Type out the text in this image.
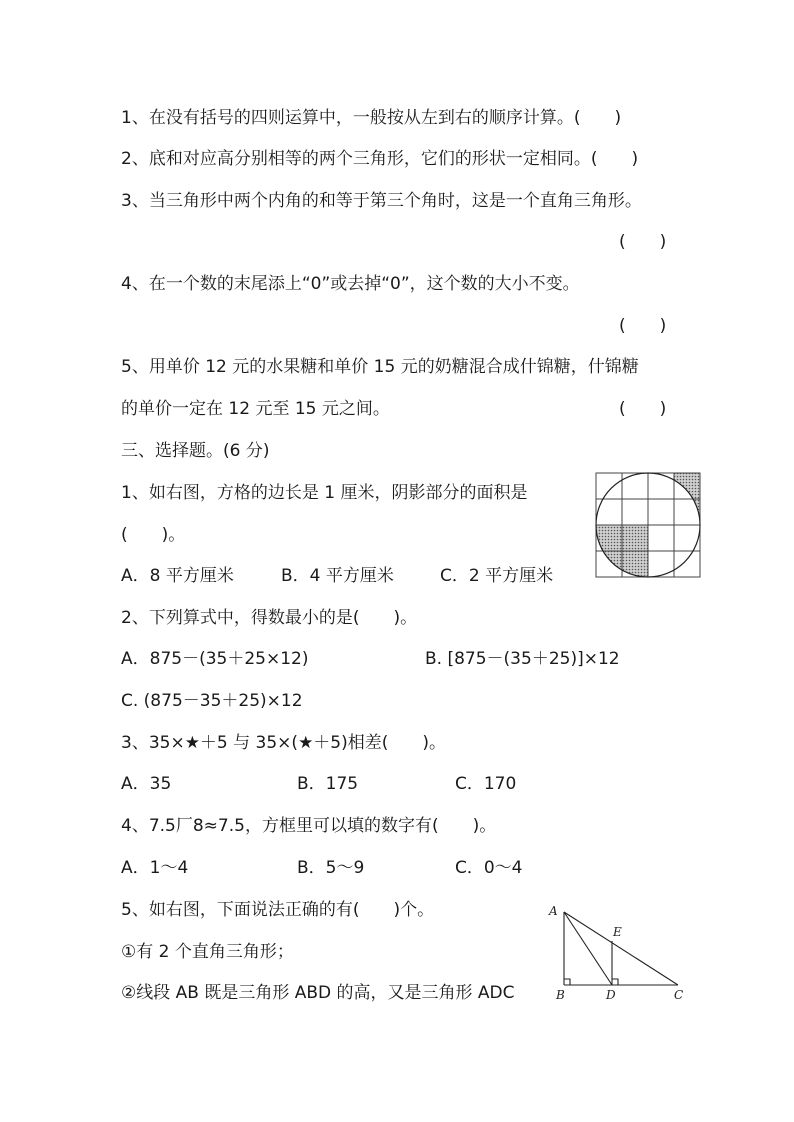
1、在没有括号的四则运算中，一般按从左到右的顺序计算。(　　)
2、底和对应高分别相等的两个三角形，它们的形状一定相同。(　　)
3、当三角形中两个内角的和等于第三个角时，这是一个直角三角形。
(　　)
4、在一个数的末尾添上“0”或去掉“0”，这个数的大小不变。
(　　)
5、用单价 12 元的水果糖和单价 15 元的奶糖混合成什锦糖，什锦糖
的单价一定在 12 元至 15 元之间。	(　　)
三、选择题。(6 分)
1、如右图，方格的边长是 1 厘米，阴影部分的面积是
(　　)。
A．8 平方厘米	B．4 平方厘米	C．2 平方厘米
2、下列算式中，得数最小的是(　　)。
A．875－(35＋25×12)	B. [875－(35＋25)]×12
C. (875－35＋25)×12
3、35×★＋5 与 35×(★＋5)相差(　　)。
A．35	B．175	C．170
4、7.5厂8≈7.5，方框里可以填的数字有(　　)。
A．1～4	B．5～9	C．0～4
5、如右图，下面说法正确的有(　　)个。
①有 2 个直角三角形；
②线段 AB 既是三角形 ABD 的高，又是三角形 ADC
A
B	D	C
E
